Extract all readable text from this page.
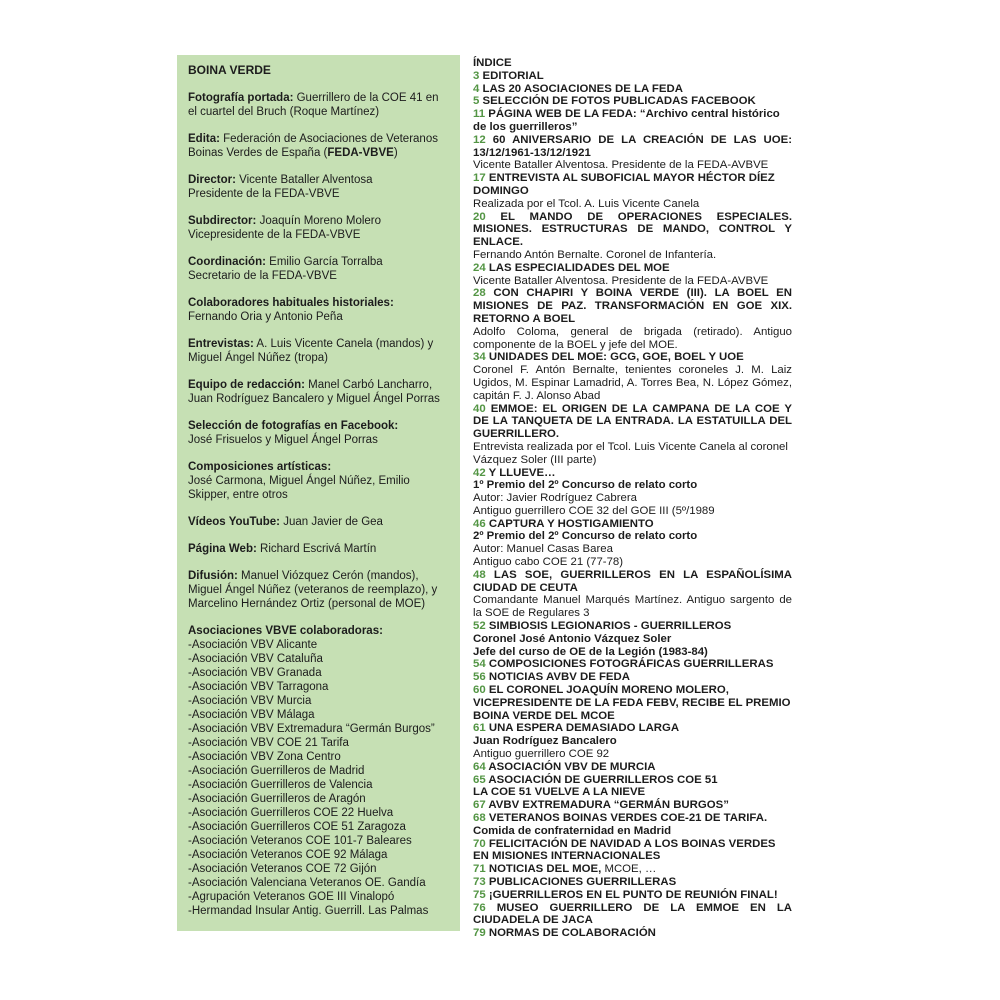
BOINA VERDE

Fotografía portada: Guerrillero de la COE 41 en el cuartel del Bruch (Roque Martínez)

Edita: Federación de Asociaciones de Veteranos Boinas Verdes de España (FEDA-VBVE)

Director: Vicente Bataller Alventosa
Presidente de la FEDA-VBVE

Subdirector: Joaquín Moreno Molero
Vicepresidente de la FEDA-VBVE

Coordinación: Emilio García Torralba
Secretario de la FEDA-VBVE

Colaboradores habituales historiales:
Fernando Oria y Antonio Peña

Entrevistas: A. Luis Vicente Canela (mandos) y Miguel Ángel Núñez (tropa)

Equipo de redacción: Manel Carbó Lancharro, Juan Rodríguez Bancalero y Miguel Ángel Porras

Selección de fotografías en Facebook:
José Frisuelos y Miguel Ángel Porras

Composiciones artísticas:
José Carmona, Miguel Ángel Núñez, Emilio Skipper, entre otros

Vídeos YouTube: Juan Javier de Gea

Página Web: Richard Escrivá Martín

Difusión: Manuel Viózquez Cerón (mandos), Miguel Ángel Núñez (veteranos de reemplazo), y Marcelino Hernández Ortiz (personal de MOE)

Asociaciones VBVE colaboradoras:

-Asociación VBV Alicante
-Asociación VBV Cataluña
-Asociación VBV Granada
-Asociación VBV Tarragona
-Asociación VBV Murcia
-Asociación VBV Málaga
-Asociación VBV Extremadura “Germán Burgos”
-Asociación VBV COE 21 Tarifa
-Asociación VBV Zona Centro
-Asociación Guerrilleros de Madrid
-Asociación Guerrilleros de Valencia
-Asociación Guerrilleros de Aragón
-Asociación Guerrilleros COE 22 Huelva
-Asociación Guerrilleros COE 51 Zaragoza
-Asociación Veteranos COE 101-7 Baleares
-Asociación Veteranos COE 92 Málaga
-Asociación Veteranos COE 72 Gijón
-Asociación Valenciana Veteranos OE. Gandía
-Agrupación Veteranos GOE III Vinalopó
-Hermandad Insular Antig. Guerrill. Las Palmas
ÍNDICE
3 EDITORIAL
4 LAS 20 ASOCIACIONES DE LA FEDA
5 SELECCIÓN DE FOTOS PUBLICADAS FACEBOOK
11 PÁGINA WEB DE LA FEDA: “Archivo central histórico de los guerrilleros”
12 60 ANIVERSARIO DE LA CREACIÓN DE LAS UOE: 13/12/1961-13/12/1921
Vicente Bataller Alventosa. Presidente de la FEDA-AVBVE
17 ENTREVISTA AL SUBOFICIAL MAYOR HÉCTOR DÍEZ DOMINGO
Realizada por el Tcol. A. Luis Vicente Canela
20 EL MANDO DE OPERACIONES ESPECIALES. MISIONES. ESTRUCTURAS DE MANDO, CONTROL Y ENLACE.
Fernando Antón Bernalte. Coronel de Infantería.
24 LAS ESPECIALIDADES DEL MOE
Vicente Bataller Alventosa. Presidente de la FEDA-AVBVE
28 CON CHAPIRI Y BOINA VERDE (III). LA BOEL EN MISIONES DE PAZ. TRANSFORMACIÓN EN GOE XIX. RETORNO A BOEL
Adolfo Coloma, general de brigada (retirado). Antiguo componente de la BOEL y jefe del MOE.
34 UNIDADES DEL MOE: GCG, GOE, BOEL Y UOE
Coronel F. Antón Bernalte, tenientes coroneles J. M. Laiz Ugidos, M. Espinar Lamadrid, A. Torres Bea, N. López Gómez, capitán F. J. Alonso Abad
40 EMMOE: EL ORIGEN DE LA CAMPANA DE LA COE Y DE LA TANQUETA DE LA ENTRADA. LA ESTATUILLA DEL GUERRILLERO.
Entrevista realizada por el Tcol. Luis Vicente Canela al coronel Vázquez Soler (III parte)
42 Y LLUEVE…
1º Premio del 2º Concurso de relato corto
Autor: Javier Rodríguez Cabrera
Antiguo guerrillero COE 32 del GOE III (5º/1989
46 CAPTURA Y HOSTIGAMIENTO
2º Premio del 2º Concurso de relato corto
Autor: Manuel Casas Barea
Antiguo cabo COE 21 (77-78)
48 LAS SOE, GUERRILLEROS EN LA ESPAÑOLÍSIMA CIUDAD DE CEUTA
Comandante Manuel Marqués Martínez. Antiguo sargento de la SOE de Regulares 3
52 SIMBIOSIS LEGIONARIOS - GUERRILLEROS
Coronel José Antonio Vázquez Soler
Jefe del curso de OE de la Legión (1983-84)
54 COMPOSICIONES FOTOGRÁFICAS GUERRILLERAS
56 NOTICIAS AVBV DE FEDA
60 EL CORONEL JOAQUÍN MORENO MOLERO, VICEPRESIDENTE DE LA FEDA FEBV, RECIBE EL PREMIO BOINA VERDE DEL MCOE
61 UNA ESPERA DEMASIADO LARGA
Juan Rodríguez Bancalero
Antiguo guerrillero COE 92
64 ASOCIACIÓN VBV DE MURCIA
65 ASOCIACIÓN DE GUERRILLEROS COE 51
LA COE 51 VUELVE A LA NIEVE
67 AVBV EXTREMADURA “GERMÁN BURGOS”
68 VETERANOS BOINAS VERDES COE-21 DE TARIFA.
Comida de confraternidad en Madrid
70 FELICITACIÓN DE NAVIDAD A LOS BOINAS VERDES EN MISIONES INTERNACIONALES
71 NOTICIAS DEL MOE, MCOE, …
73 PUBLICACIONES GUERRILLERAS
75 ¡GUERRILLEROS EN EL PUNTO DE REUNIÓN FINAL!
76 MUSEO GUERRILLERO DE LA EMMOE EN LA CIUDADELA DE JACA
79 NORMAS DE COLABORACIÓN
